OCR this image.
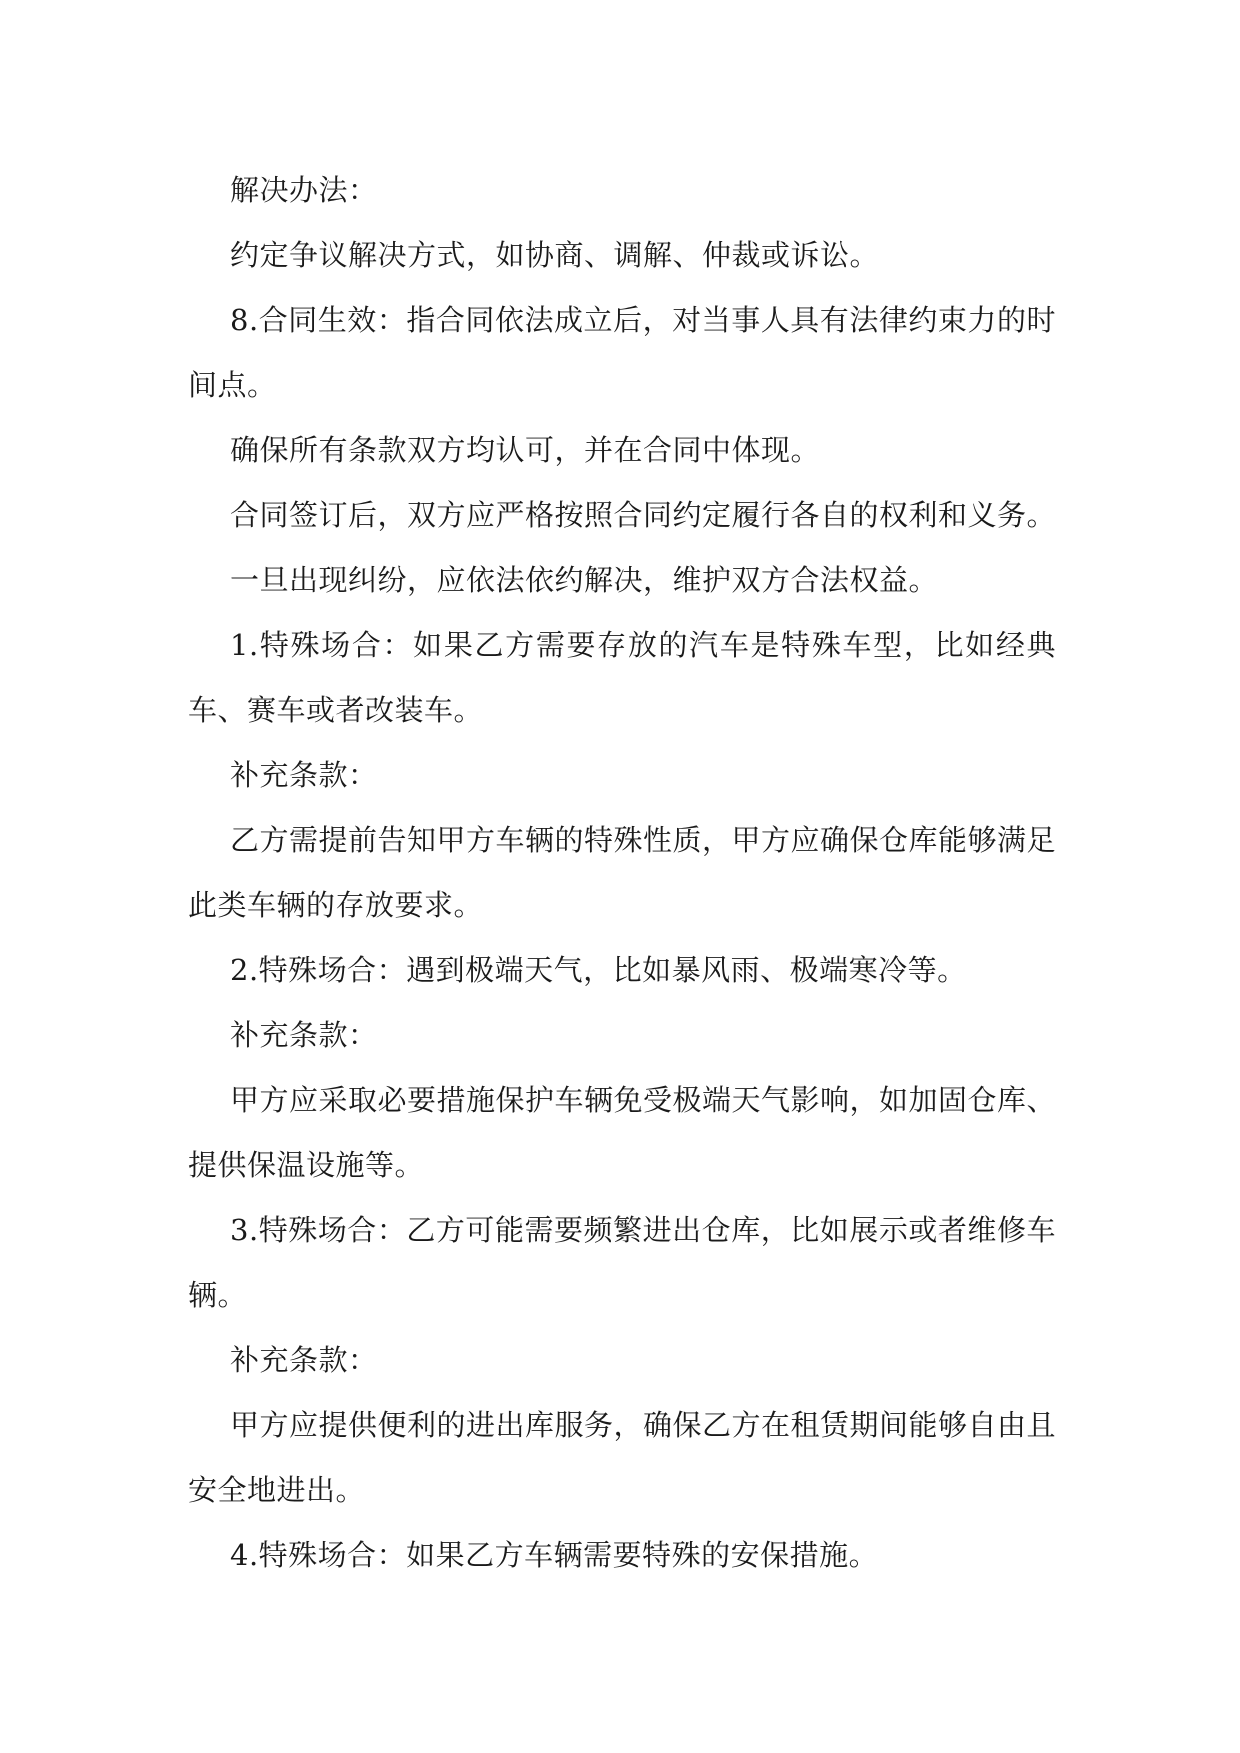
解决办法：

约定争议解决方式，如协商、调解、仲裁或诉讼。

8.合同生效：指合同依法成立后，对当事人具有法律约束力的时间点。

确保所有条款双方均认可，并在合同中体现。

合同签订后，双方应严格按照合同约定履行各自的权利和义务。

一旦出现纠纷，应依法依约解决，维护双方合法权益。

1.特殊场合：如果乙方需要存放的汽车是特殊车型，比如经典车、赛车或者改装车。

补充条款：

乙方需提前告知甲方车辆的特殊性质，甲方应确保仓库能够满足此类车辆的存放要求。

2.特殊场合：遇到极端天气，比如暴风雨、极端寒冷等。

补充条款：

甲方应采取必要措施保护车辆免受极端天气影响，如加固仓库、提供保温设施等。

3.特殊场合：乙方可能需要频繁进出仓库，比如展示或者维修车辆。

补充条款：

甲方应提供便利的进出库服务，确保乙方在租赁期间能够自由且安全地进出。

4.特殊场合：如果乙方车辆需要特殊的安保措施。
